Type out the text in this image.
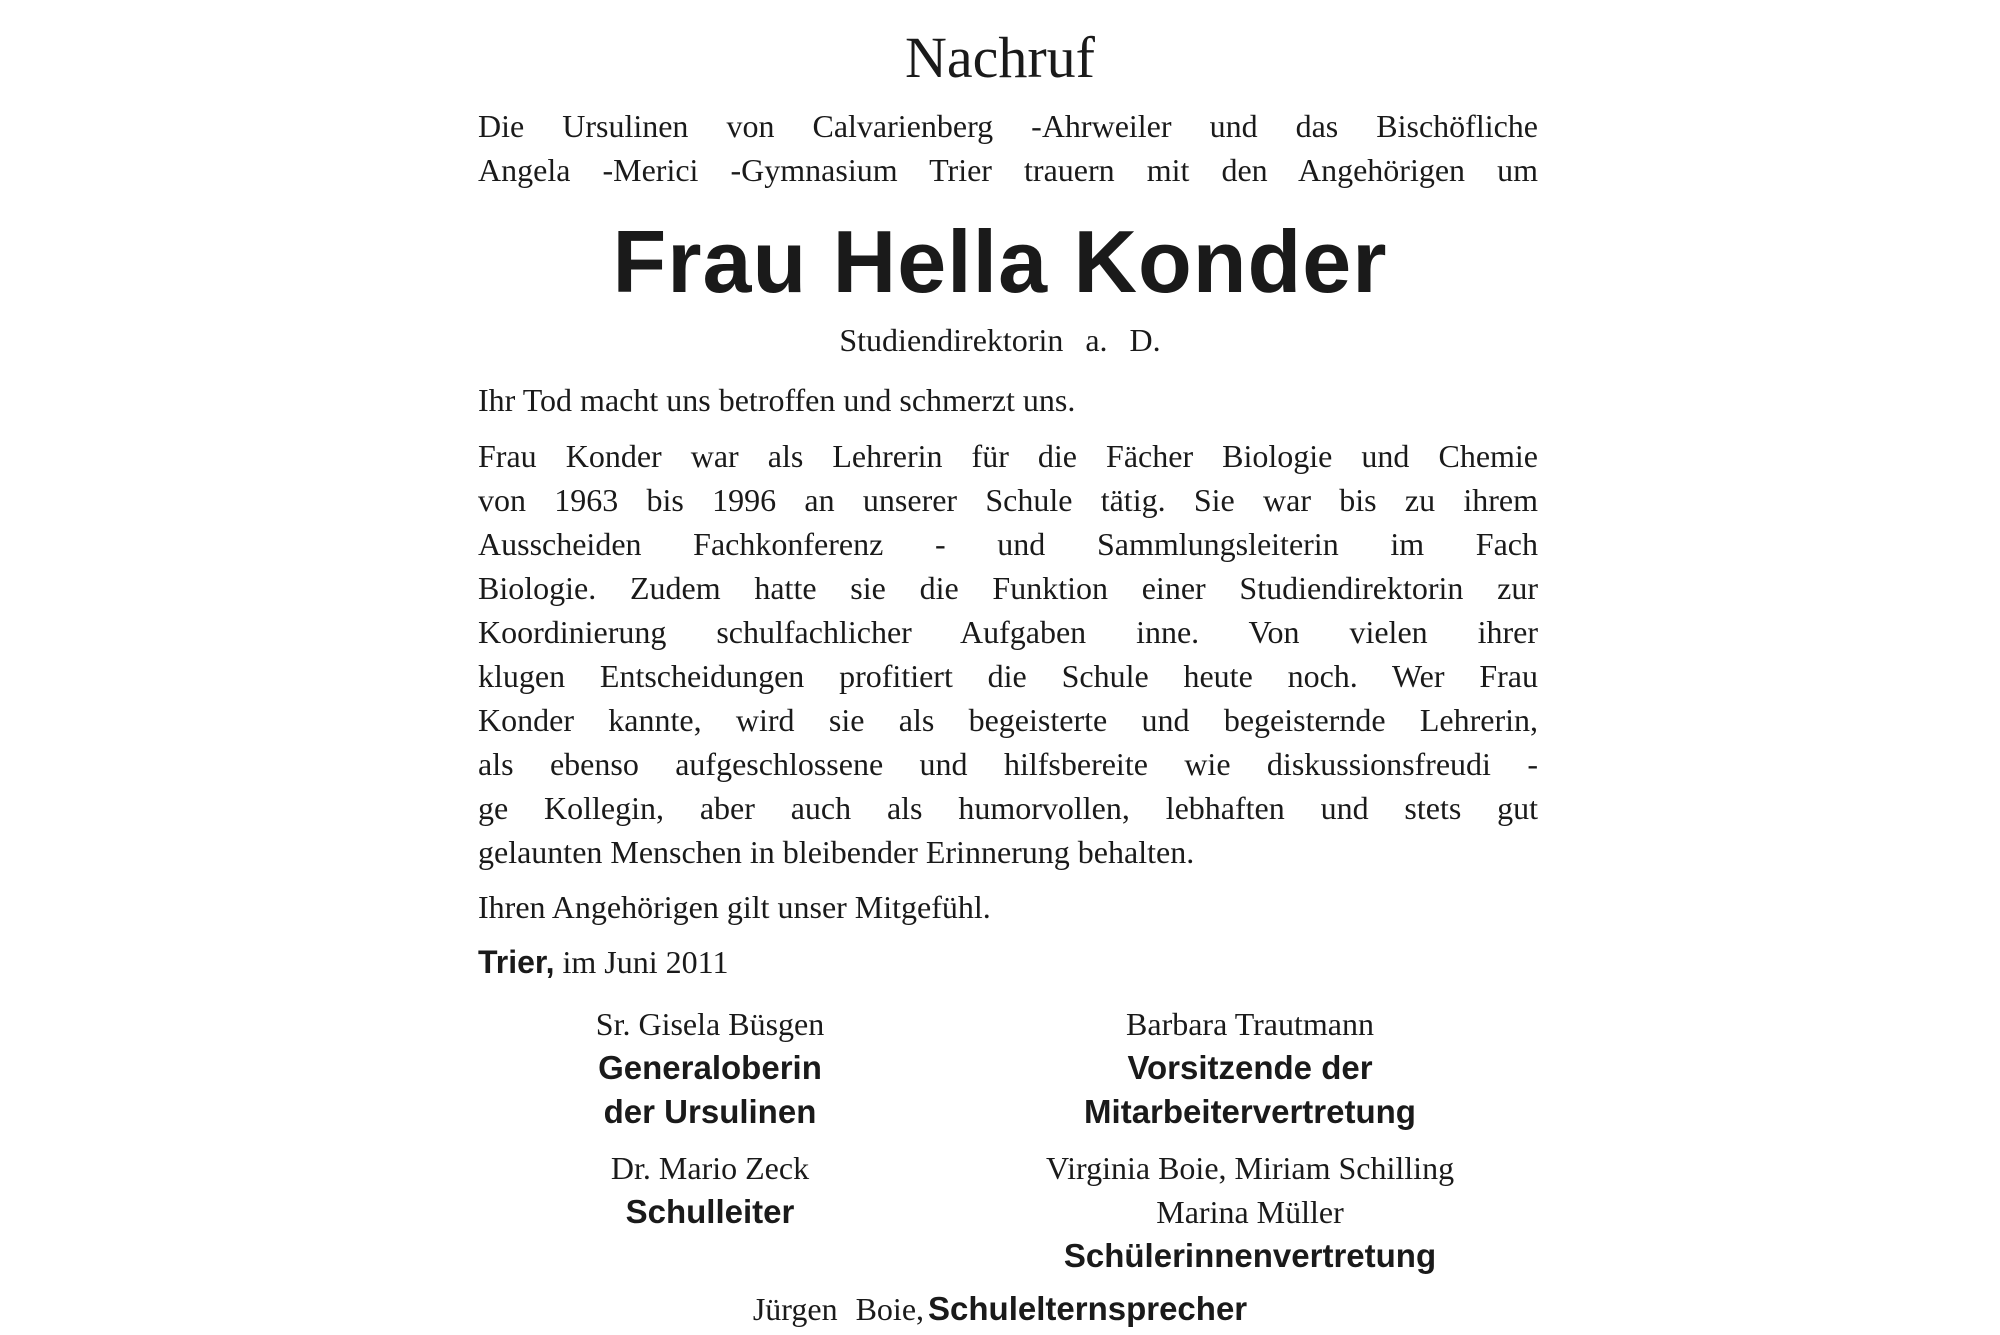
Nachruf
Die Ursulinen von Calvarienberg -Ahrweiler und das Bischöfliche
Angela -Merici -Gymnasium Trier trauern mit den Angehörigen um
Frau Hella Konder
Studiendirektorin a. D.
Ihr Tod macht uns betroffen und schmerzt uns.
Frau Konder war als Lehrerin für die Fächer Biologie und Chemie
von 1963 bis 1996 an unserer Schule tätig. Sie war bis zu ihrem
Ausscheiden Fachkonferenz - und Sammlungsleiterin im Fach
Biologie. Zudem hatte sie die Funktion einer Studiendirektorin zur
Koordinierung schulfachlicher Aufgaben inne. Von vielen ihrer
klugen Entscheidungen profitiert die Schule heute noch. Wer Frau
Konder kannte, wird sie als begeisterte und begeisternde Lehrerin,
als ebenso aufgeschlossene und hilfsbereite wie diskussionsfreudi -
ge Kollegin, aber auch als humorvollen, lebhaften und stets gut
gelaunten Menschen in bleibender Erinnerung behalten.
Ihren Angehörigen gilt unser Mitgefühl.
Trier, im Juni 2011
Sr. Gisela Büsgen
Generaloberin
der Ursulinen
Barbara Trautmann
Vorsitzende der
Mitarbeitervertretung
Dr. Mario Zeck
Schulleiter
Virginia Boie, Miriam Schilling
Marina Müller
Schülerinnenvertretung
Jürgen Boie, Schulelternsprecher
